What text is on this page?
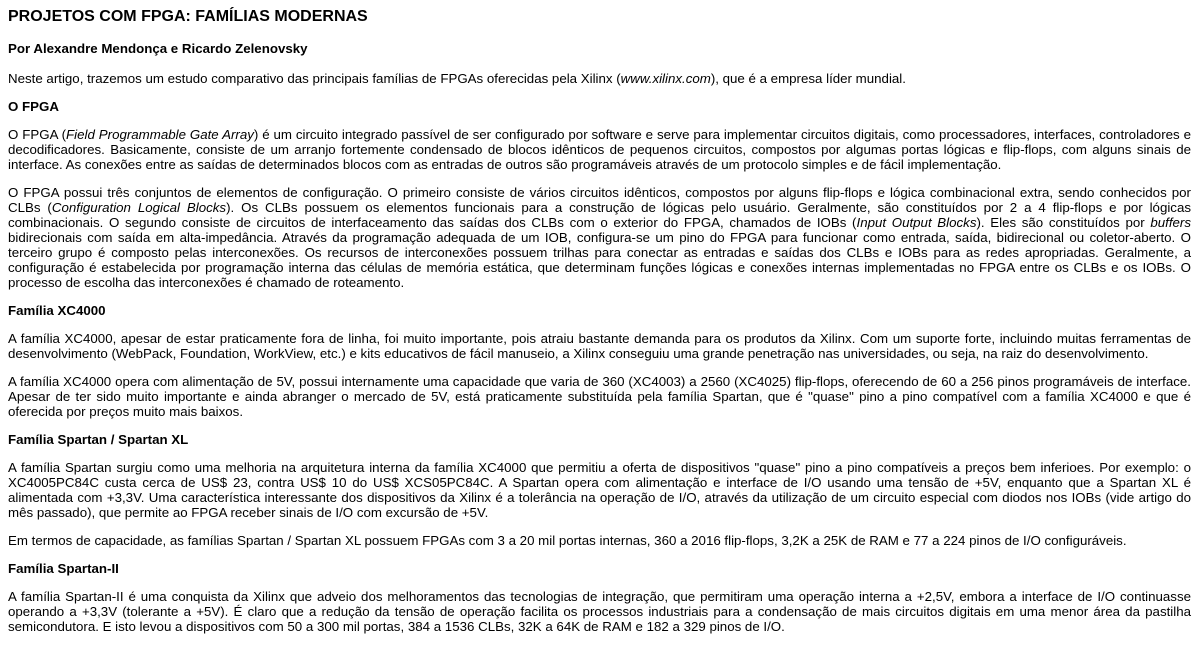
PROJETOS COM FPGA: FAMÍLIAS MODERNAS
Por Alexandre Mendonça e Ricardo Zelenovsky

Neste artigo, trazemos um estudo comparativo das principais famílias de FPGAs oferecidas pela Xilinx (www.xilinx.com), que é a empresa líder mundial.

O FPGA

O FPGA (Field Programmable Gate Array) é um circuito integrado passível de ser configurado por software e serve para implementar circuitos digitais, como processadores, interfaces, controladores e decodificadores. Basicamente, consiste de um arranjo fortemente condensado de blocos idênticos de pequenos circuitos, compostos por algumas portas lógicas e flip-flops, com alguns sinais de interface. As conexões entre as saídas de determinados blocos com as entradas de outros são programáveis através de um protocolo simples e de fácil implementação.

O FPGA possui três conjuntos de elementos de configuração. O primeiro consiste de vários circuitos idênticos, compostos por alguns flip-flops e lógica combinacional extra, sendo conhecidos por CLBs (Configuration Logical Blocks). Os CLBs possuem os elementos funcionais para a construção de lógicas pelo usuário. Geralmente, são constituídos por 2 a 4 flip-flops e por lógicas combinacionais. O segundo consiste de circuitos de interfaceamento das saídas dos CLBs com o exterior do FPGA, chamados de IOBs (Input Output Blocks). Eles são constituídos por buffers bidirecionais com saída em alta-impedância. Através da programação adequada de um IOB, configura-se um pino do FPGA para funcionar como entrada, saída, bidirecional ou coletor-aberto. O terceiro grupo é composto pelas interconexões. Os recursos de interconexões possuem trilhas para conectar as entradas e saídas dos CLBs e IOBs para as redes apropriadas. Geralmente, a configuração é estabelecida por programação interna das células de memória estática, que determinam funções lógicas e conexões internas implementadas no FPGA entre os CLBs e os IOBs. O processo de escolha das interconexões é chamado de roteamento.

Família XC4000

A família XC4000, apesar de estar praticamente fora de linha, foi muito importante, pois atraiu bastante demanda para os produtos da Xilinx. Com um suporte forte, incluindo muitas ferramentas de desenvolvimento (WebPack, Foundation, WorkView, etc.) e kits educativos de fácil manuseio, a Xilinx conseguiu uma grande penetração nas universidades, ou seja, na raiz do desenvolvimento.

A família XC4000 opera com alimentação de 5V, possui internamente uma capacidade que varia de 360 (XC4003) a 2560 (XC4025) flip-flops, oferecendo de 60 a 256 pinos programáveis de interface. Apesar de ter sido muito importante e ainda abranger o mercado de 5V, está praticamente substituída pela família Spartan, que é "quase" pino a pino compatível com a família XC4000 e que é oferecida por preços muito mais baixos.

Família Spartan / Spartan XL

A família Spartan surgiu como uma melhoria na arquitetura interna da família XC4000 que permitiu a oferta de dispositivos "quase" pino a pino compatíveis a preços bem inferioes. Por exemplo: o XC4005PC84C custa cerca de US$ 23, contra US$ 10 do US$ XCS05PC84C. A Spartan opera com alimentação e interface de I/O usando uma tensão de +5V, enquanto que a Spartan XL é alimentada com +3,3V. Uma característica interessante dos dispositivos da Xilinx é a tolerância na operação de I/O, através da utilização de um circuito especial com diodos nos IOBs (vide artigo do mês passado), que permite ao FPGA receber sinais de I/O com excursão de +5V.

Em termos de capacidade, as famílias Spartan / Spartan XL possuem FPGAs com 3 a 20 mil portas internas, 360 a 2016 flip-flops, 3,2K a 25K de RAM e 77 a 224 pinos de I/O configuráveis.

Família Spartan-II

A família Spartan-II é uma conquista da Xilinx que adveio dos melhoramentos das tecnologias de integração, que permitiram uma operação interna a +2,5V, embora a interface de I/O continuasse operando a +3,3V (tolerante a +5V). É claro que a redução da tensão de operação facilita os processos industriais para a condensação de mais circuitos digitais em uma menor área da pastilha semicondutora. E isto levou a dispositivos com 50 a 300 mil portas, 384 a 1536 CLBs, 32K a 64K de RAM e 182 a 329 pinos de I/O.
